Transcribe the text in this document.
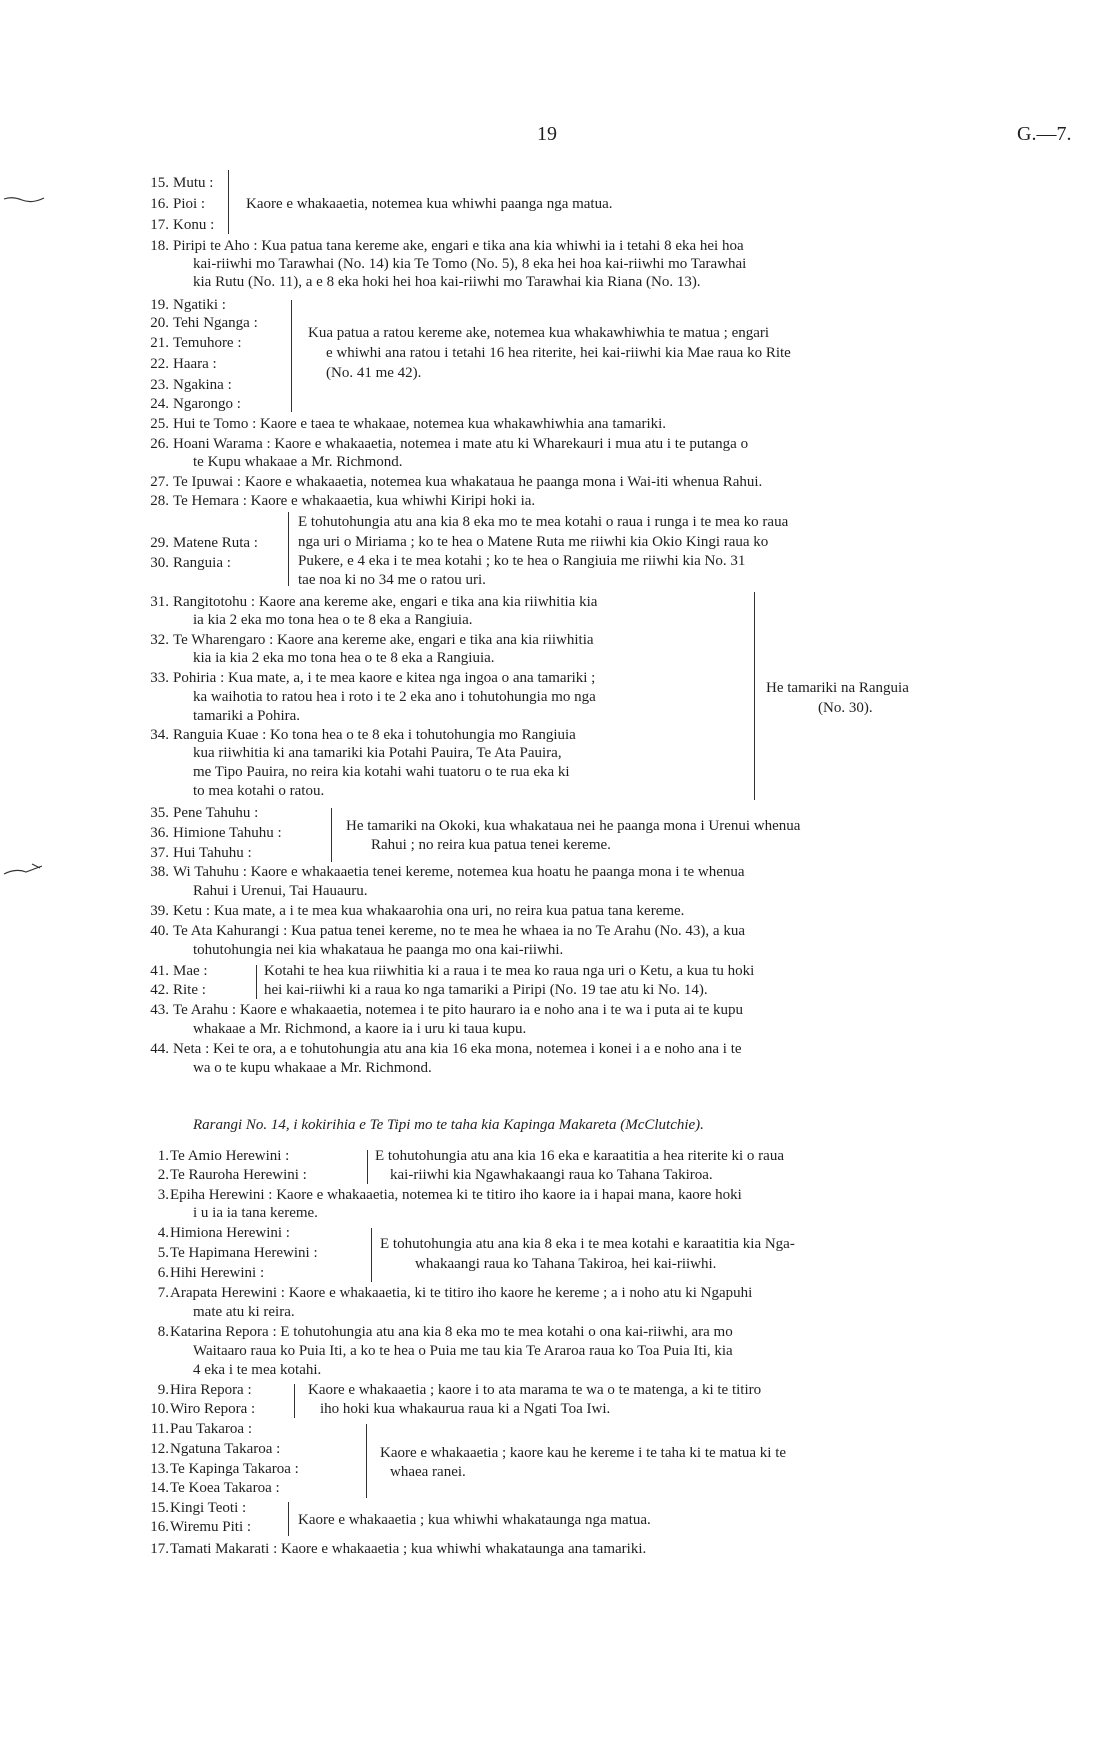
19	G.—7.
15. Mutu :
16. Pioi :
17. Konu :
Kaore e whakaaetia, notemea kua whiwhi paanga nga matua.
18. Piripi te Aho : Kua patua tana kereme ake, engari e tika ana kia whiwhi ia i tetahi 8 eka hei hoa
kai-riiwhi mo Tarawhai (No. 14) kia Te Tomo (No. 5), 8 eka hei hoa kai-riiwhi mo Tarawhai
kia Rutu (No. 11), a e 8 eka hoki hei hoa kai-riiwhi mo Tarawhai kia Riana (No. 13).
19. Ngatiki :
20. Tehi Nganga :
21. Temuhore :
22. Haara :
23. Ngakina :
24. Ngarongo :
Kua patua a ratou kereme ake, notemea kua whakawhiwhia te matua ; engari
e whiwhi ana ratou i tetahi 16 hea riterite, hei kai-riiwhi kia Mae raua ko Rite
(No. 41 me 42).
25. Hui te Tomo : Kaore e taea te whakaae, notemea kua whakawhiwhia ana tamariki.
26. Hoani Warama : Kaore e whakaaetia, notemea i mate atu ki Wharekauri i mua atu i te putanga o
te Kupu whakaae a Mr. Richmond.
27. Te Ipuwai : Kaore e whakaaetia, notemea kua whakataua he paanga mona i Wai-iti whenua Rahui.
28. Te Hemara : Kaore e whakaaetia, kua whiwhi Kiripi hoki ia.
29. Matene Ruta :
30. Ranguia :
E tohutohungia atu ana kia 8 eka mo te mea kotahi o raua i runga i te mea ko raua
nga uri o Miriama ; ko te hea o Matene Ruta me riiwhi kia Okio Kingi raua ko
Pukere, e 4 eka i te mea kotahi ; ko te hea o Rangiuia me riiwhi kia No. 31
tae noa ki no 34 me o ratou uri.
31. Rangitotohu : Kaore ana kereme ake, engari e tika ana kia riiwhitia kia
ia kia 2 eka mo tona hea o te 8 eka a Rangiuia.
32. Te Wharengaro : Kaore ana kereme ake, engari e tika ana kia riiwhitia
kia ia kia 2 eka mo tona hea o te 8 eka a Rangiuia.
33. Pohiria : Kua mate, a, i te mea kaore e kitea nga ingoa o ana tamariki ;
ka waihotia to ratou hea i roto i te 2 eka ano i tohutohungia mo nga
tamariki a Pohira.
34. Ranguia Kuae : Ko tona hea o te 8 eka i tohutohungia mo Rangiuia
kua riiwhitia ki ana tamariki kia Potahi Pauira, Te Ata Pauira,
me Tipo Pauira, no reira kia kotahi wahi tuatoru o te rua eka ki
to mea kotahi o ratou.
He tamariki na Ranguia
(No. 30).
35. Pene Tahuhu :
36. Himione Tahuhu :
37. Hui Tahuhu :
He tamariki na Okoki, kua whakataua nei he paanga mona i Urenui whenua
Rahui ; no reira kua patua tenei kereme.
38. Wi Tahuhu : Kaore e whakaaetia tenei kereme, notemea kua hoatu he paanga mona i te whenua
Rahui i Urenui, Tai Hauauru.
39. Ketu : Kua mate, a i te mea kua whakaarohia ona uri, no reira kua patua tana kereme.
40. Te Ata Kahurangi : Kua patua tenei kereme, no te mea he whaea ia no Te Arahu (No. 43), a kua
tohutohungia nei kia whakataua he paanga mo ona kai-riiwhi.
41. Mae :
42. Rite :
Kotahi te hea kua riiwhitia ki a raua i te mea ko raua nga uri o Ketu, a kua tu hoki
hei kai-riiwhi ki a raua ko nga tamariki a Piripi (No. 19 tae atu ki No. 14).
43. Te Arahu : Kaore e whakaaetia, notemea i te pito hauraro ia e noho ana i te wa i puta ai te kupu
whakaae a Mr. Richmond, a kaore ia i uru ki taua kupu.
44. Neta : Kei te ora, a e tohutohungia atu ana kia 16 eka mona, notemea i konei i a e noho ana i te
wa o te kupu whakaae a Mr. Richmond.
Rarangi No. 14, i kokirihia e Te Tipi mo te taha kia Kapinga Makareta (McClutchie).
1. Te Amio Herewini :
2. Te Rauroha Herewini :
E tohutohungia atu ana kia 16 eka e karaatitia a hea riterite ki o raua
kai-riiwhi kia Ngawhakaangi raua ko Tahana Takiroa.
3. Epiha Herewini : Kaore e whakaaetia, notemea ki te titiro iho kaore ia i hapai mana, kaore hoki
i u ia ia tana kereme.
4. Himiona Herewini :
5. Te Hapimana Herewini :
6. Hihi Herewini :
E tohutohungia atu ana kia 8 eka i te mea kotahi e karaatitia kia Nga-
whakaangi raua ko Tahana Takiroa, hei kai-riiwhi.
7. Arapata Herewini : Kaore e whakaaetia, ki te titiro iho kaore he kereme ; a i noho atu ki Ngapuhi
mate atu ki reira.
8. Katarina Repora : E tohutohungia atu ana kia 8 eka mo te mea kotahi o ona kai-riiwhi, ara mo
Waitaaro raua ko Puia Iti, a ko te hea o Puia me tau kia Te Araroa raua ko Toa Puia Iti, kia
4 eka i te mea kotahi.
9. Hira Repora :
10. Wiro Repora :
Kaore e whakaaetia ; kaore i to ata marama te wa o te matenga, a ki te titiro
iho hoki kua whakaurua raua ki a Ngati Toa Iwi.
11. Pau Takaroa :
12. Ngatuna Takaroa :
13. Te Kapinga Takaroa :
14. Te Koea Takaroa :
Kaore e whakaaetia ; kaore kau he kereme i te taha ki te matua ki te
whaea ranei.
15. Kingi Teoti :
16. Wiremu Piti :	Kaore e whakaaetia ; kua whiwhi whakataunga nga matua.
17. Tamati Makarati : Kaore e whakaaetia ; kua whiwhi whakataunga ana tamariki.
